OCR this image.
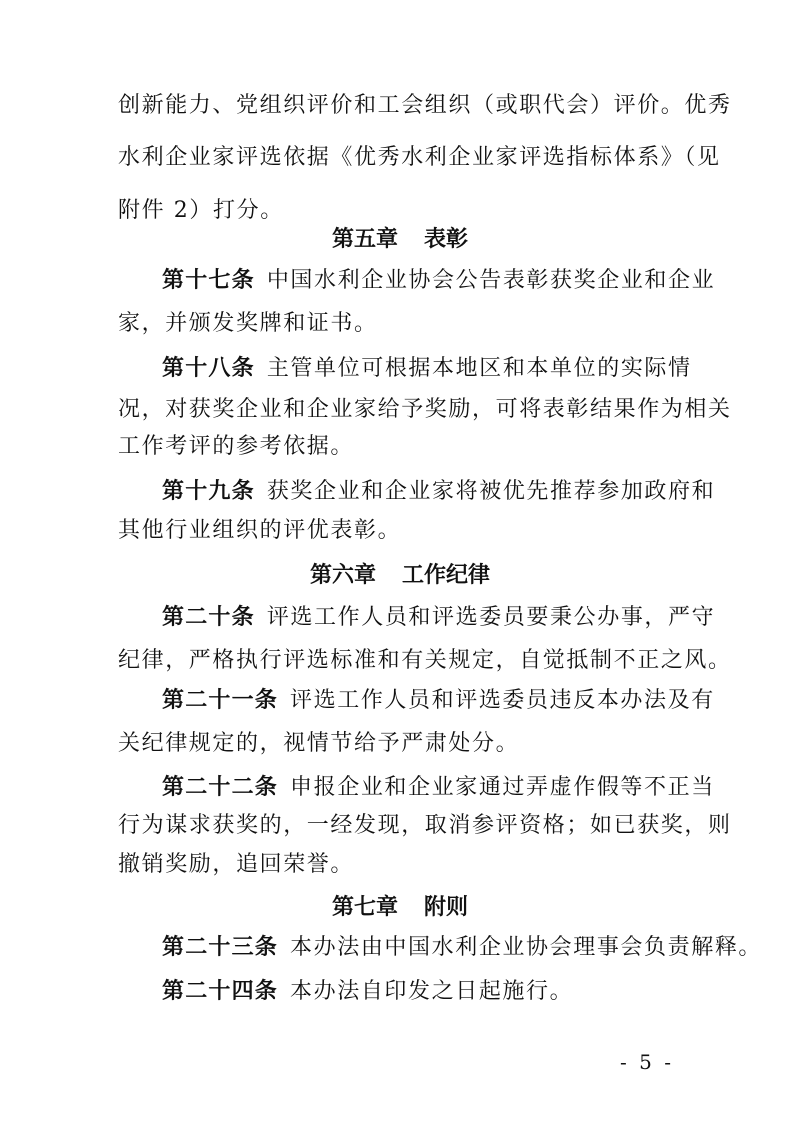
创新能力、党组织评价和工会组织（或职代会）评价。优秀
水利企业家评选依据《优秀水利企业家评选指标体系》（见
附件 2）打分。
第五章 表彰
第十七条 中国水利企业协会公告表彰获奖企业和企业
家，并颁发奖牌和证书。
第十八条 主管单位可根据本地区和本单位的实际情
况，对获奖企业和企业家给予奖励，可将表彰结果作为相关
工作考评的参考依据。
第十九条 获奖企业和企业家将被优先推荐参加政府和
其他行业组织的评优表彰。
第六章 工作纪律
第二十条 评选工作人员和评选委员要秉公办事，严守
纪律，严格执行评选标准和有关规定，自觉抵制不正之风。
第二十一条 评选工作人员和评选委员违反本办法及有
关纪律规定的，视情节给予严肃处分。
第二十二条 申报企业和企业家通过弄虚作假等不正当
行为谋求获奖的，一经发现，取消参评资格；如已获奖，则
撤销奖励，追回荣誉。
第七章 附则
第二十三条 本办法由中国水利企业协会理事会负责解释。
第二十四条 本办法自印发之日起施行。
- 5 -
